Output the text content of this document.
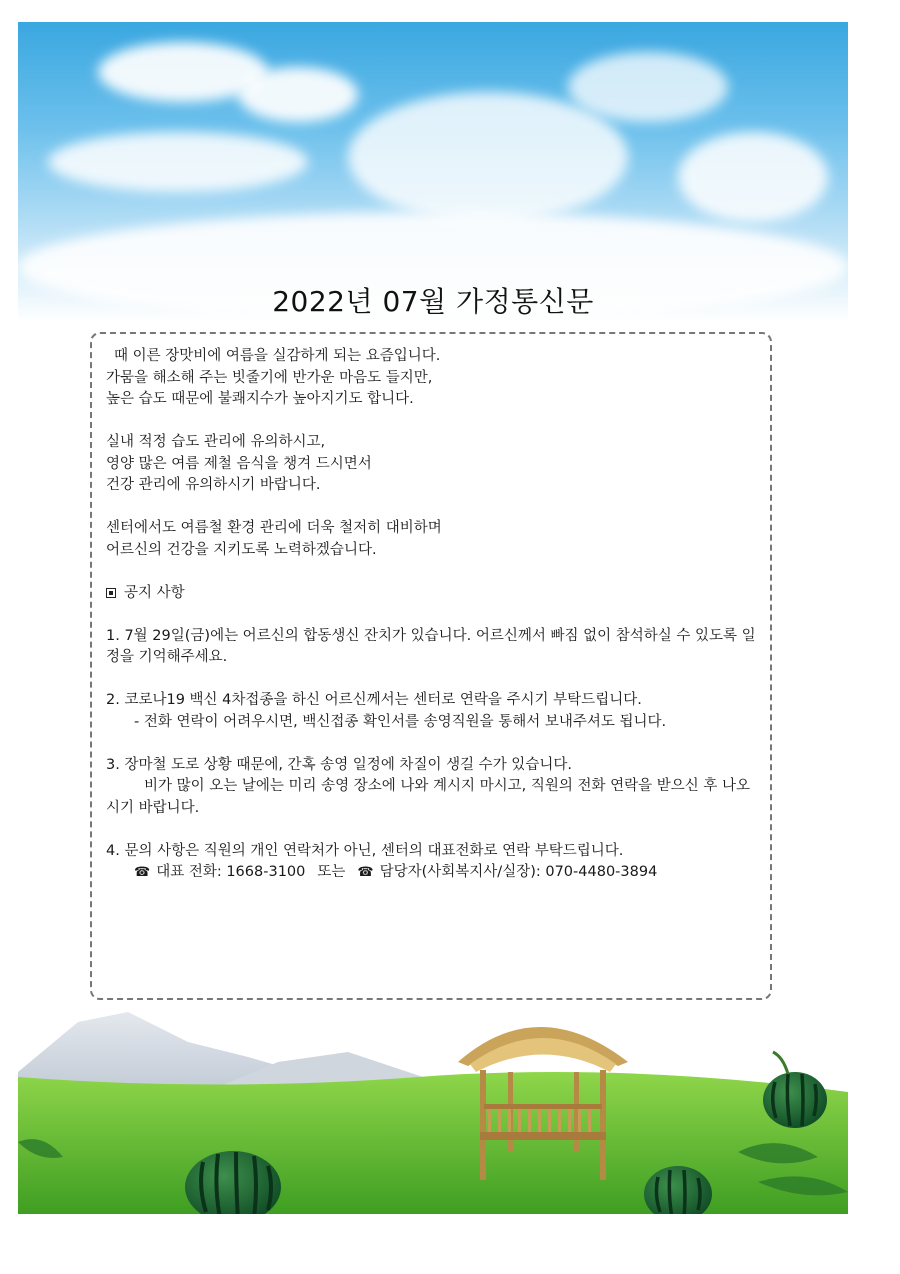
2022년 07월 가정통신문
때 이른 장맛비에 여름을 실감하게 되는 요즘입니다.
가뭄을 해소해 주는 빗줄기에 반가운 마음도 들지만,
높은 습도 때문에 불쾌지수가 높아지기도 합니다.
실내 적정 습도 관리에 유의하시고,
영양 많은 여름 제철 음식을 챙겨 드시면서
건강 관리에 유의하시기 바랍니다.
센터에서도 여름철 환경 관리에 더욱 철저히 대비하며
어르신의 건강을 지키도록 노력하겠습니다.
공지 사항
1. 7월 29일(금)에는 어르신의 합동생신 잔치가 있습니다. 어르신께서 빠짐 없이 참석하실 수 있도록 일정을 기억해주세요.
2. 코로나19 백신 4차접종을 하신 어르신께서는 센터로 연락을 주시기 부탁드립니다.
- 전화 연락이 어려우시면, 백신접종 확인서를 송영직원을 통해서 보내주셔도 됩니다.
3. 장마철 도로 상황 때문에, 간혹 송영 일정에 차질이 생길 수가 있습니다.
비가 많이 오는 날에는 미리 송영 장소에 나와 계시지 마시고, 직원의 전화 연락을 받으신 후 나오시기 바랍니다.
4. 문의 사항은 직원의 개인 연락처가 아닌, 센터의 대표전화로 연락 부탁드립니다.
☎ 대표 전화: 1668-3100 또는 ☎ 담당자(사회복지사/실장): 070-4480-3894
